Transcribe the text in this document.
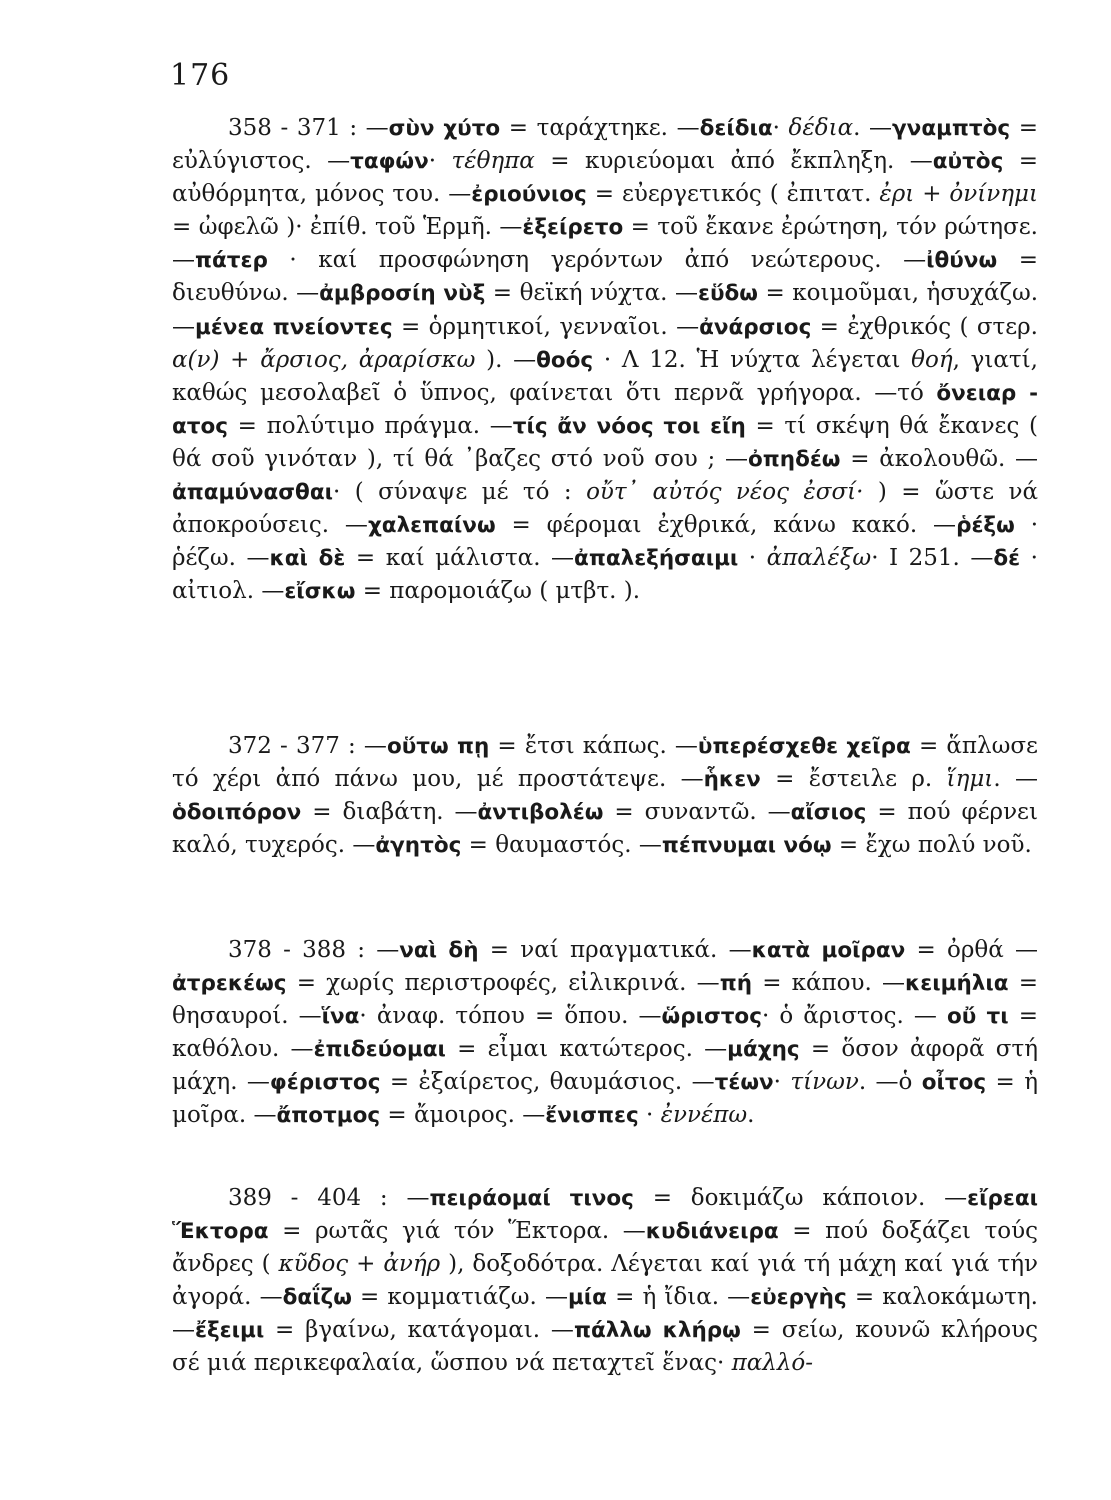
176

358 - 371 : —σὺν χύτο = ταράχτηκε. —δείδια· δέδια. —γναμπτὸς = εὐλύγιστος. —ταφών· τέθηπα = κυριεύομαι ἀπό ἔκπληξη. —αὐτὸς = αὐθόρμητα, μόνος του. —ἐριούνιος = εὐεργετικός ( ἐπιτατ. ἐρι + ὀνίνημι = ὠφελῶ )· ἐπίθ. τοῦ Ἑρμῆ. —ἐξείρετο = τοῦ ἔκανε ἐρώτηση, τόν ρώτησε. —πάτερ · καί προσφώνηση γερόντων ἀπό νεώτερους. —ἰθύνω = διευθύνω. —ἀμβροσίη νὺξ = θεϊκή νύχτα. —εὕδω = κοιμοῦμαι, ἡσυχάζω. —μένεα πνείοντες = ὁρμητικοί, γενναῖοι. —ἀνάρσιος = ἐχθρικός ( στερ. α(ν) + ἄρσιος, ἀραρίσκω ). —θοός · Λ 12. Ἡ νύχτα λέγεται θοή, γιατί, καθώς μεσολαβεῖ ὁ ὕπνος, φαίνεται ὅτι περνᾶ γρήγορα. —τό ὄνειαρ - ατος = πολύτιμο πράγμα. —τίς ἄν νόος τοι εἴη = τί σκέψη θά ἔκανες ( θά σοῦ γινόταν ), τί θά ᾽βαζες στό νοῦ σου ; —ὀπηδέω = ἀκολουθῶ. —ἀπαμύνασθαι· ( σύναψε μέ τό : οὔτ᾽ αὐτός νέος ἐσσί· ) = ὥστε νά ἀποκρούσεις. —χαλεπαίνω = φέρομαι ἐχθρικά, κάνω κακό. —ῥέξω · ῥέζω. —καὶ δὲ = καί μάλιστα. —ἀπαλεξήσαιμι · ἀπαλέξω· Ι 251. —δέ · αἰτιολ. —εἴσκω = παρομοιάζω ( μτβτ. ).

372 - 377 : —οὕτω πῃ = ἔτσι κάπως. —ὑπερέσχεθε χεῖρα = ἅπλωσε τό χέρι ἀπό πάνω μου, μέ προστάτεψε. —ἧκεν = ἔστειλε ρ. ἵημι. —ὁδοιπόρον = διαβάτη. —ἀντιβολέω = συναντῶ. —αἴσιος = πού φέρνει καλό, τυχερός. —ἀγητὸς = θαυμαστός. —πέπνυμαι νόῳ = ἔχω πολύ νοῦ.

378 - 388 : —ναὶ δὴ = ναί πραγματικά. —κατὰ μοῖραν = ὀρθά —ἀτρεκέως = χωρίς περιστροφές, εἰλικρινά. —πή = κάπου. —κειμήλια = θησαυροί. —ἵνα· ἀναφ. τόπου = ὅπου. —ὥριστος· ὁ ἄριστος. — οὔ τι = καθόλου. —ἐπιδεύομαι = εἶμαι κατώτερος. —μάχης = ὅσον ἀφορᾶ στή μάχη. —φέριστος = ἐξαίρετος, θαυμάσιος. —τέων· τίνων. —ὁ οἶτος = ἡ μοῖρα. —ἄποτμος = ἄμοιρος. —ἔνισπες · ἐννέπω.

389 - 404 : —πειράομαί τινος = δοκιμάζω κάποιον. —εἴρεαι Ἕκτορα = ρωτᾶς γιά τόν Ἕκτορα. —κυδιάνειρα = πού δοξάζει τούς ἄνδρες ( κῦδος + ἀνήρ ), δοξοδότρα. Λέγεται καί γιά τή μάχη καί γιά τήν ἀγορά. —δαΐζω = κομματιάζω. —μία = ἡ ἴδια. —εὐεργὴς = καλοκάμωτη. —ἔξειμι = βγαίνω, κατάγομαι. —πάλλω κλήρῳ = σείω, κουνῶ κλήρους σέ μιά περικεφαλαία, ὥσπου νά πεταχτεῖ ἕνας· παλλό-
